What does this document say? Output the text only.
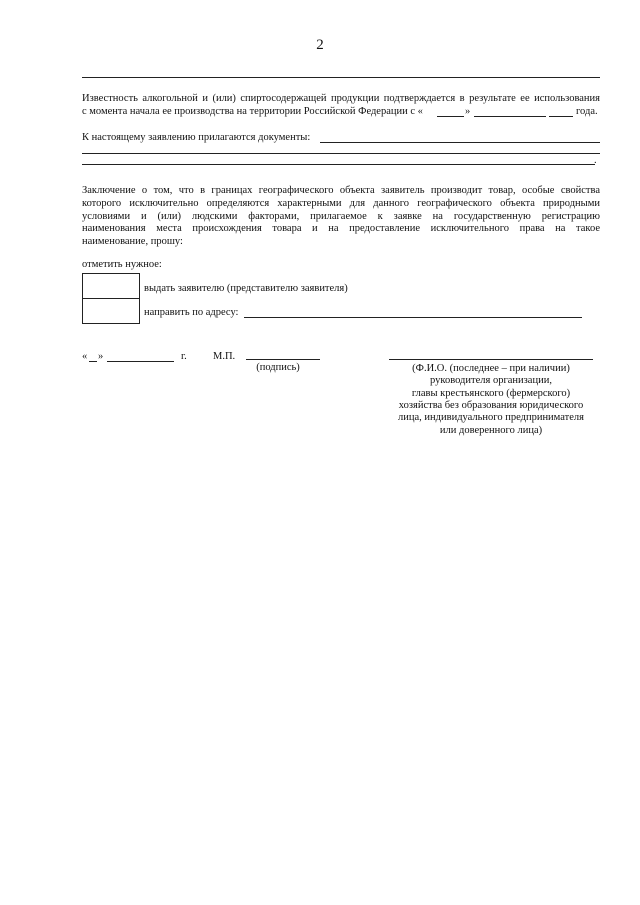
2
Известность алкогольной и (или) спиртосодержащей продукции подтверждается в результате ее использования
с момента начала ее производства на территории Российской Федерации с «	»	года.
К настоящему заявлению прилагаются документы:
.
Заключение о том, что в границах географического объекта заявитель производит товар, особые свойства
которого исключительно определяются характерными для данного географического объекта природными
условиями и (или) людскими факторами, прилагаемое к заявке на государственную регистрацию
наименования места происхождения товара и на предоставление исключительного права на такое
наименование, прошу:
отметить нужное:
выдать заявителю (представителю заявителя)
направить по адресу:
« »	г.	М.П.
(подпись)	(Ф.И.О. (последнее – при наличии)
руководителя организации,
главы крестьянского (фермерского)
хозяйства без образования юридического
лица, индивидуального предпринимателя
или доверенного лица)
